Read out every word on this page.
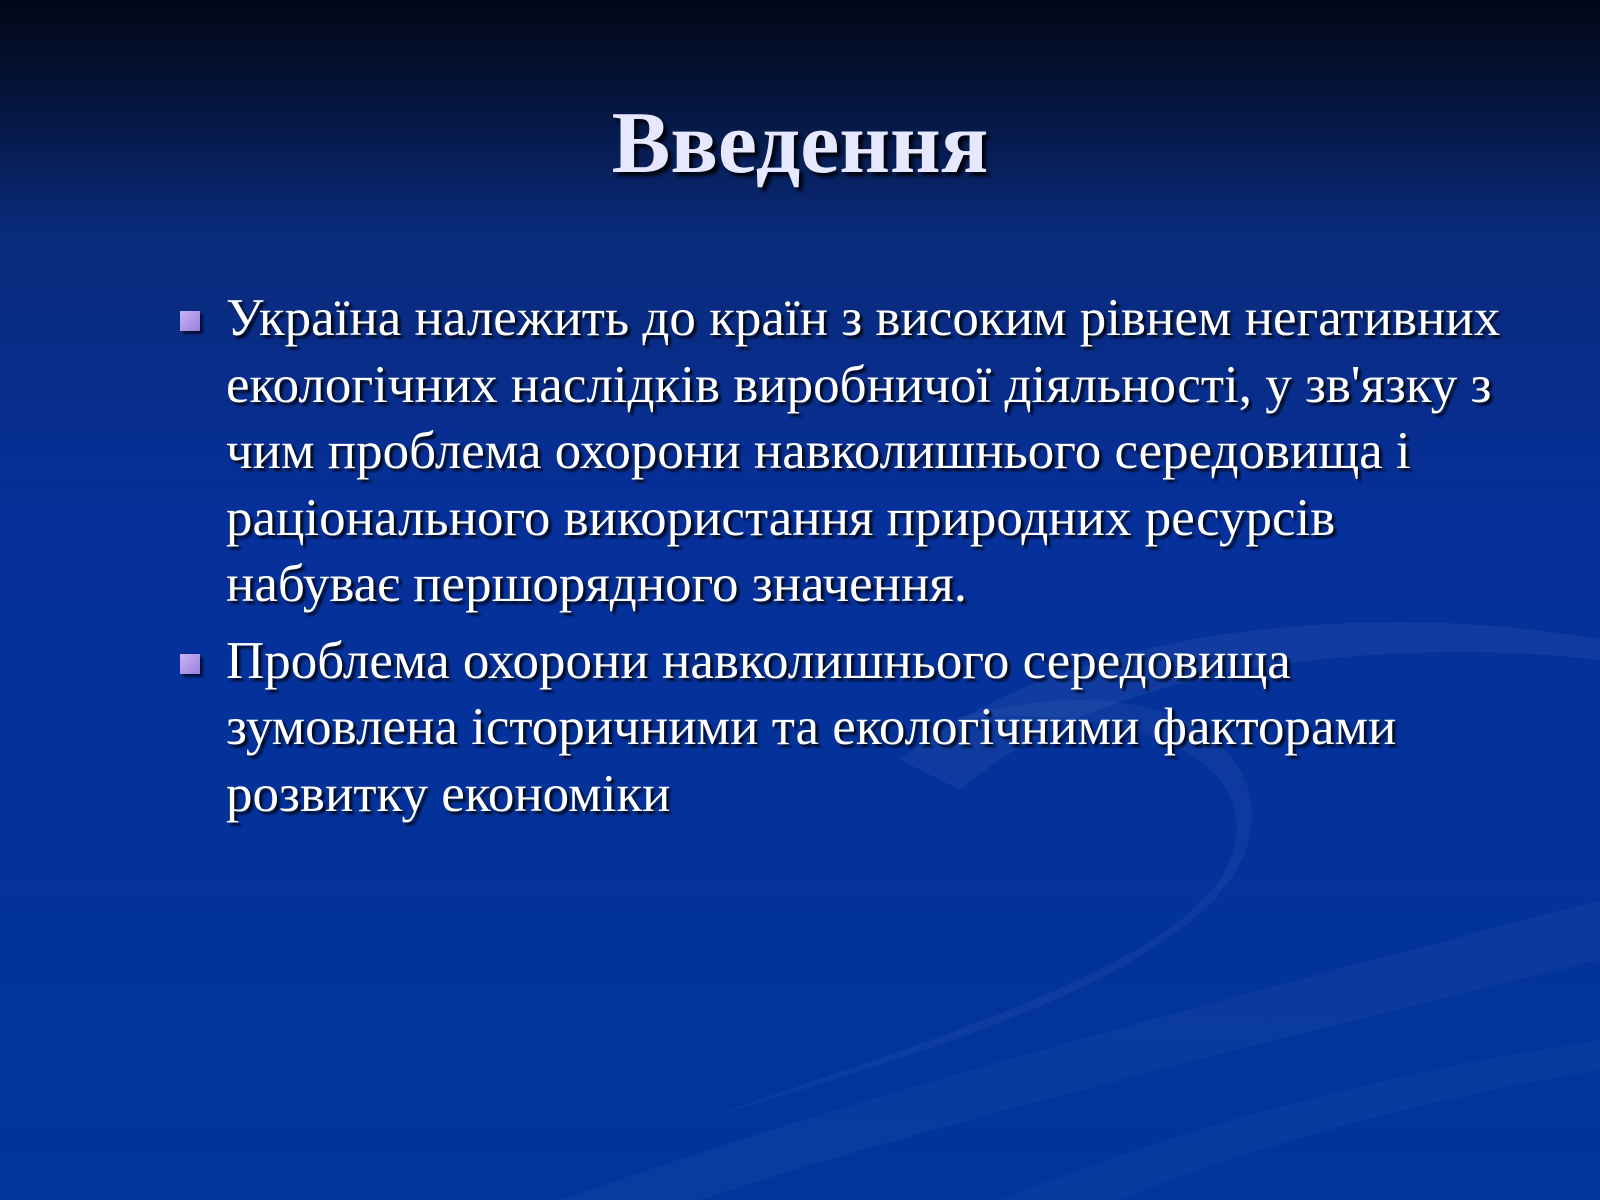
Введення
Україна належить до країн з високим рівнем негативних екологічних наслідків виробничої діяльності, у зв'язку з чим проблема охорони навколишнього середовища і раціонального використання природних ресурсів набуває першорядного значення.
Проблема охорони навколишнього середовища зумовлена історичними та екологічними факторами розвитку економіки
